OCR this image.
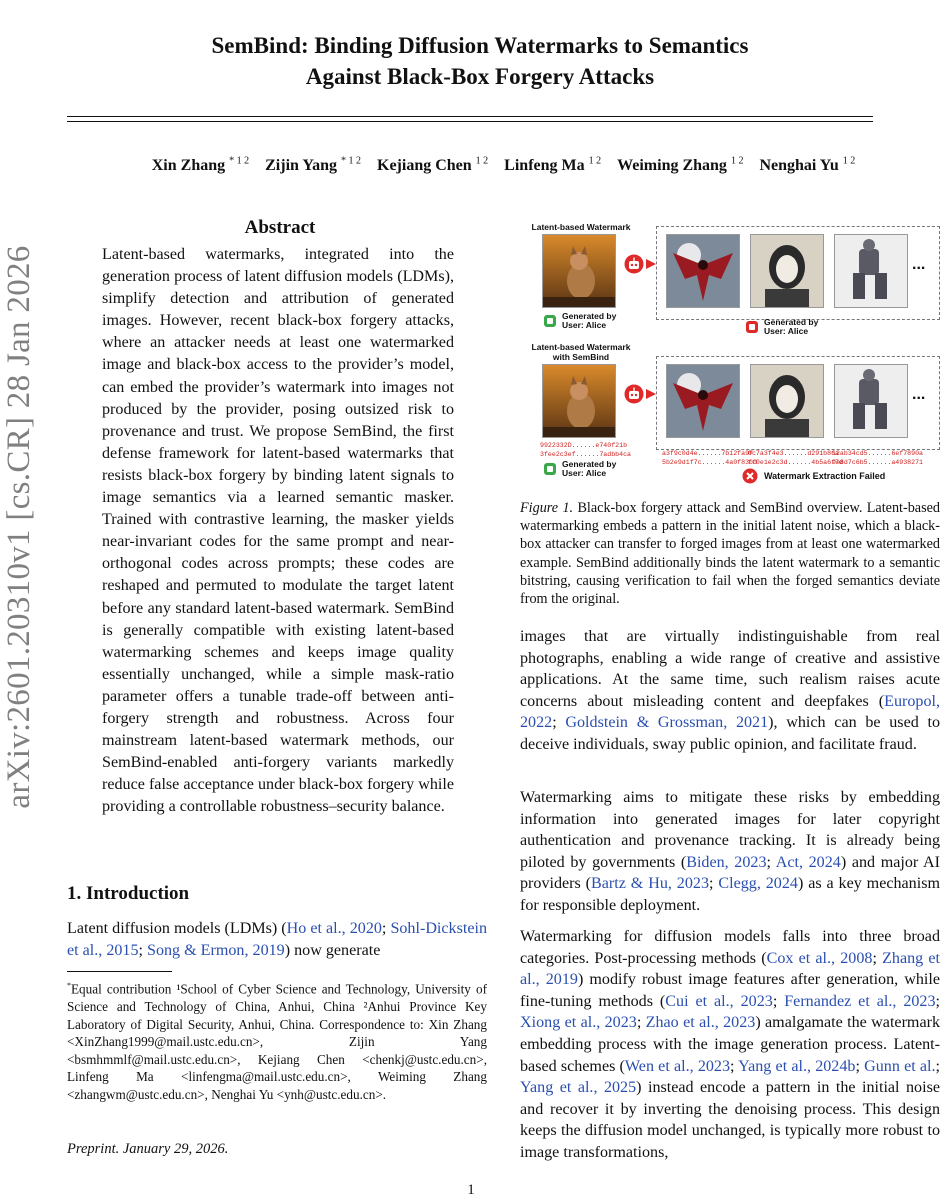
arXiv:2601.20310v1 [cs.CR] 28 Jan 2026
SemBind: Binding Diffusion Watermarks to Semantics
Against Black-Box Forgery Attacks
Xin Zhang $^{* 1 2}$ Zijin Yang $^{* 1 2}$ Kejiang Chen $^{1 2}$ Linfeng Ma $^{1 2}$ Weiming Zhang $^{1 2}$ Nenghai Yu $^{1 2}$
Abstract
Latent-based watermarks, integrated into the generation process of latent diffusion models (LDMs), simplify detection and attribution of generated images. However, recent black-box forgery attacks, where an attacker needs at least one watermarked image and black-box access to the provider’s model, can embed the provider’s watermark into images not produced by the provider, posing outsized risk to provenance and trust. We propose SemBind, the first defense framework for latent-based watermarks that resists black-box forgery by binding latent signals to image semantics via a learned semantic masker. Trained with contrastive learning, the masker yields near-invariant codes for the same prompt and near-orthogonal codes across prompts; these codes are reshaped and permuted to modulate the target latent before any standard latent-based watermark. SemBind is generally compatible with existing latent-based watermarking schemes and keeps image quality essentially unchanged, while a simple mask-ratio parameter offers a tunable trade-off between anti-forgery strength and robustness. Across four mainstream latent-based watermark methods, our SemBind-enabled anti-forgery variants markedly reduce false acceptance under black-box forgery while providing a controllable robustness–security balance.
1. Introduction
Latent diffusion models (LDMs) (Ho et al., 2020; Sohl-Dickstein et al., 2015; Song & Ermon, 2019) now generate
*Equal contribution ¹School of Cyber Science and Technology, University of Science and Technology of China, Anhui, China ²Anhui Province Key Laboratory of Digital Security, Anhui, China. Correspondence to: Xin Zhang <XinZhang1999@mail.ustc.edu.cn>, Zijin Yang <bsmhmmlf@mail.ustc.edu.cn>, Kejiang Chen <chenkj@ustc.edu.cn>, Linfeng Ma <linfengma@mail.ustc.edu.cn>, Weiming Zhang <zhangwm@ustc.edu.cn>, Nenghai Yu <ynh@ustc.edu.cn>.
Preprint. January 29, 2026.
Latent-based Watermark
Latent-based Watermark
with SemBind
...
...
Generated by
User: Alice	Generated by
User: Alice
Generated by
User: Alice
9922332D......e740f21b
3fee2c3ef......7adbb4ca	a3f9c0d4e......7b12fa9f
5b2e9d1f7c......4a0f83bd
0c7a3f4e3......d291b86a
ff0e1e2c3d......4b5a6f7d
12ab34cd5......6ef7890a
9e8d7c6b5......a4938271
Watermark Extraction Failed
Figure 1. Black-box forgery attack and SemBind overview. Latent-based watermarking embeds a pattern in the initial latent noise, which a black-box attacker can transfer to forged images from at least one watermarked example. SemBind additionally binds the latent watermark to a semantic bitstring, causing verification to fail when the forged semantics deviate from the original.
images that are virtually indistinguishable from real photographs, enabling a wide range of creative and assistive applications. At the same time, such realism raises acute concerns about misleading content and deepfakes (Europol, 2022; Goldstein & Grossman, 2021), which can be used to deceive individuals, sway public opinion, and facilitate fraud.
Watermarking aims to mitigate these risks by embedding information into generated images for later copyright authentication and provenance tracking. It is already being piloted by governments (Biden, 2023; Act, 2024) and major AI providers (Bartz & Hu, 2023; Clegg, 2024) as a key mechanism for responsible deployment.
Watermarking for diffusion models falls into three broad categories. Post-processing methods (Cox et al., 2008; Zhang et al., 2019) modify robust image features after generation, while fine-tuning methods (Cui et al., 2023; Fernandez et al., 2023; Xiong et al., 2023; Zhao et al., 2023) amalgamate the watermark embedding process with the image generation process. Latent-based schemes (Wen et al., 2023; Yang et al., 2024b; Gunn et al.; Yang et al., 2025) instead encode a pattern in the initial noise and recover it by inverting the denoising process. This design keeps the diffusion model unchanged, is typically more robust to image transformations,
1
